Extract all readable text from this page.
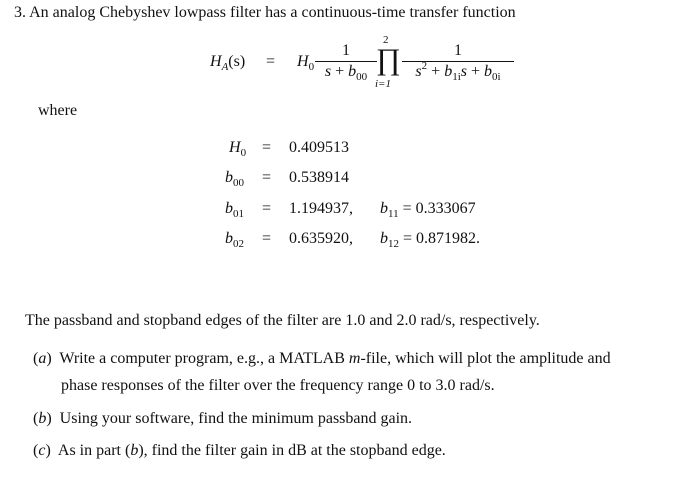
3. An analog Chebyshev lowpass filter has a continuous-time transfer function
$H_A(s) = H_0$
1
$s + b_{00}$
2
∏
i=1
1
$s^2 + b_{1i}s + b_{0i}$
where
$H_0 = 0.409513$
$b_{00} = 0.538914$
$b_{01} = 1.194937$, $b_{11} = 0.333067$
$b_{02} = 0.635920$, $b_{12} = 0.871982$.
The passband and stopband edges of the filter are 1.0 and 2.0 rad/s, respectively.
(a)  Write a computer program, e.g., a MATLAB m-file, which will plot the amplitude and
phase responses of the filter over the frequency range 0 to 3.0 rad/s.
(b)  Using your software, find the minimum passband gain.
(c)  As in part (b), find the filter gain in dB at the stopband edge.
